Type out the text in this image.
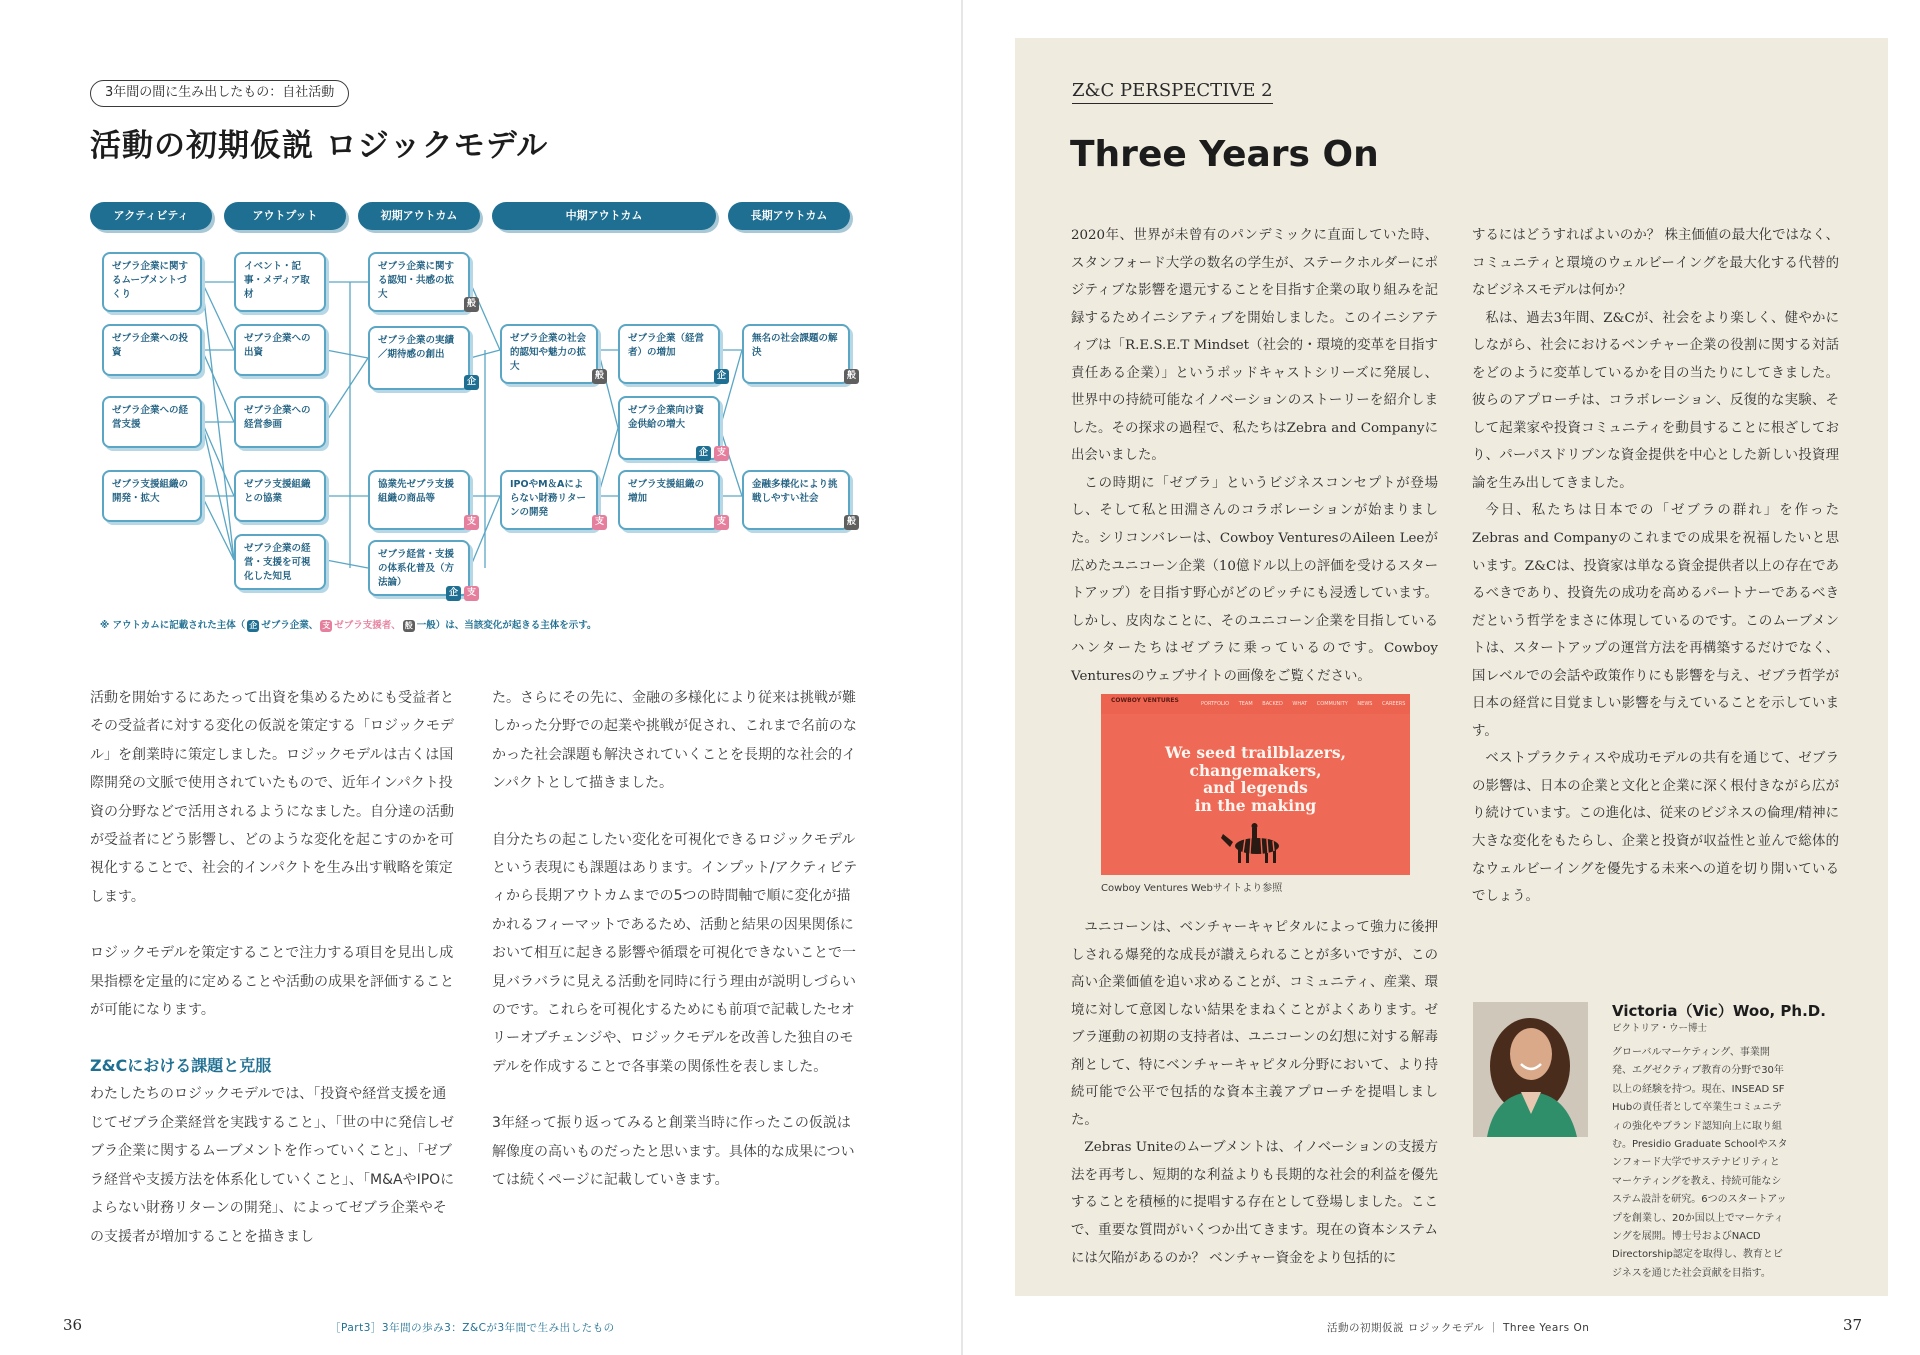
3年間の間に生み出したもの：自社活動
活動の初期仮説 ロジックモデル
アクティビティ	アウトプット	初期アウトカム	中期アウトカム	長期アウトカム
ゼブラ企業に関するムーブメントづくり
ゼブラ企業への投資
ゼブラ企業への経営支援
ゼブラ支援組織の開発・拡大
イベント・記事・メディア取材
ゼブラ企業への出資
ゼブラ企業への経営参画
ゼブラ支援組織との協業
ゼブラ企業の経営・支援を可視化した知見
ゼブラ企業に関する認知・共感の拡大
般
ゼブラ企業の実績／期待感の創出
企
協業先ゼブラ支援組織の商品等
支
ゼブラ経営・支援の体系化普及（方法論）
企 支
ゼブラ企業の社会的認知や魅力の拡大
般
IPOやM＆Aによらない財務リターンの開発
支
ゼブラ企業（経営者）の増加
企
ゼブラ企業向け資金供給の増大
企 支
ゼブラ支援組織の増加
支
無名の社会課題の解決
般
金融多様化により挑戦しやすい社会
般
※ アウトカムに記載された主体（ 企 ゼブラ企業、 支 ゼブラ支援者、 般 一般）は、当該変化が起きる主体を示す。

活動を開始するにあたって出資を集めるためにも受益者とその受益者に対する変化の仮説を策定する「ロジックモデル」を創業時に策定しました。ロジックモデルは古くは国際開発の文脈で使用されていたもので、近年インパクト投資の分野などで活用されるようになました。自分達の活動が受益者にどう影響し、どのような変化を起こすのかを可視化することで、社会的インパクトを生み出す戦略を策定します。

ロジックモデルを策定することで注力する項目を見出し成果指標を定量的に定めることや活動の成果を評価することが可能になります。

Z&Cにおける課題と克服

わたしたちのロジックモデルでは、「投資や経営支援を通じてゼブラ企業経営を実践すること」、「世の中に発信しゼブラ企業に関するムーブメントを作っていくこと」、「ゼブラ経営や支援方法を体系化していくこと」、「M&AやIPOによらない財務リターンの開発」、によってゼブラ企業やその支援者が増加することを描きまし

た。さらにその先に、金融の多様化により従来は挑戦が難しかった分野での起業や挑戦が促され、これまで名前のなかった社会課題も解決されていくことを長期的な社会的インパクトとして描きました。

自分たちの起こしたい変化を可視化できるロジックモデルという表現にも課題はあります。インプット/アクティビティから長期アウトカムまでの5つの時間軸で順に変化が描かれるフィーマットであるため、活動と結果の因果関係において相互に起きる影響や循環を可視化できないことで一見バラバラに見える活動を同時に行う理由が説明しづらいのです。これらを可視化するためにも前項で記載したセオリーオブチェンジや、ロジックモデルを改善した独自のモデルを作成することで各事業の関係性を表しました。

3年経って振り返ってみると創業当時に作ったこの仮説は解像度の高いものだったと思います。具体的な成果については続くページに記載していきます。

36	［Part3］3年間の歩み3：Z&Cが3年間で生み出したもの
Z&C PERSPECTIVE 2
Three Years On

2020年、世界が未曾有のパンデミックに直面していた時、スタンフォード大学の数名の学生が、ステークホルダーにポジティブな影響を還元することを目指す企業の取り組みを記録するためイニシアティブを開始しました。このイニシアティブは「R.E.S.E.T Mindset（社会的・環境的変革を目指す責任ある企業）」というポッドキャストシリーズに発展し、世界中の持続可能なイノベーションのストーリーを紹介しました。その探求の過程で、私たちはZebra and Companyに出会いました。

この時期に「ゼブラ」というビジネスコンセプトが登場し、そして私と田淵さんのコラボレーションが始まりました。シリコンバレーは、Cowboy VenturesのAileen Leeが広めたユニコーン企業（10億ドル以上の評価を受けるスタートアップ）を目指す野心がどのピッチにも浸透しています。しかし、皮肉なことに、そのユニコーン企業を目指しているハンターたちはゼブラに乗っているのです。Cowboy Venturesのウェブサイトの画像をご覧ください。

COWBOY VENTURES	PORTFOLIO TEAM BACKED WHAT COMMUNITY NEWS CAREERS
We seed trailblazers,
changemakers,
and legends
in the making
Cowboy Ventures Webサイトより参照

ユニコーンは、ベンチャーキャピタルによって強力に後押しされる爆発的な成長が讃えられることが多いですが、この高い企業価値を追い求めることが、コミュニティ、産業、環境に対して意図しない結果をまねくことがよくあります。ゼブラ運動の初期の支持者は、ユニコーンの幻想に対する解毒剤として、特にベンチャーキャピタル分野において、より持続可能で公平で包括的な資本主義アプローチを提唱しました。

Zebras Uniteのムーブメントは、イノベーションの支援方法を再考し、短期的な利益よりも長期的な社会的利益を優先することを積極的に提唱する存在として登場しました。ここで、重要な質問がいくつか出てきます。現在の資本システムには欠陥があるのか？ ベンチャー資金をより包括的に

するにはどうすればよいのか？ 株主価値の最大化ではなく、コミュニティと環境のウェルビーイングを最大化する代替的なビジネスモデルは何か？

私は、過去3年間、Z&Cが、社会をより楽しく、健やかにしながら、社会におけるベンチャー企業の役割に関する対話をどのように変革しているかを目の当たりにしてきました。彼らのアプローチは、コラボレーション、反復的な実験、そして起業家や投資コミュニティを動員することに根ざしており、パーパスドリブンな資金提供を中心とした新しい投資理論を生み出してきました。

今日、私たちは日本での「ゼブラの群れ」を作ったZebras and Companyのこれまでの成果を祝福したいと思います。Z&Cは、投資家は単なる資金提供者以上の存在であるべきであり、投資先の成功を高めるパートナーであるべきだという哲学をまさに体現しているのです。このムーブメントは、スタートアップの運営方法を再構築するだけでなく、国レベルでの会話や政策作りにも影響を与え、ゼブラ哲学が日本の経営に目覚ましい影響を与えていることを示しています。

ベストプラクティスや成功モデルの共有を通じて、ゼブラの影響は、日本の企業と文化と企業に深く根付きながら広がり続けています。この進化は、従来のビジネスの倫理/精神に大きな変化をもたらし、企業と投資が収益性と並んで総体的なウェルビーイングを優先する未来への道を切り開いているでしょう。

Victoria（Vic）Woo, Ph.D.
ビクトリア・ウー博士
グローバルマーケティング、事業開発、エグゼクティブ教育の分野で30年以上の経験を持つ。現在、INSEAD SF Hubの責任者として卒業生コミュニティの強化やブランド認知向上に取り組む。Presidio Graduate Schoolやスタンフォード大学でサステナビリティとマーケティングを教え、持続可能なシステム設計を研究。6つのスタートアップを創業し、20か国以上でマーケティングを展開。博士号およびNACD Directorship認定を取得し、教育とビジネスを通じた社会貢献を目指す。
活動の初期仮説 ロジックモデル ｜ Three Years On	37
